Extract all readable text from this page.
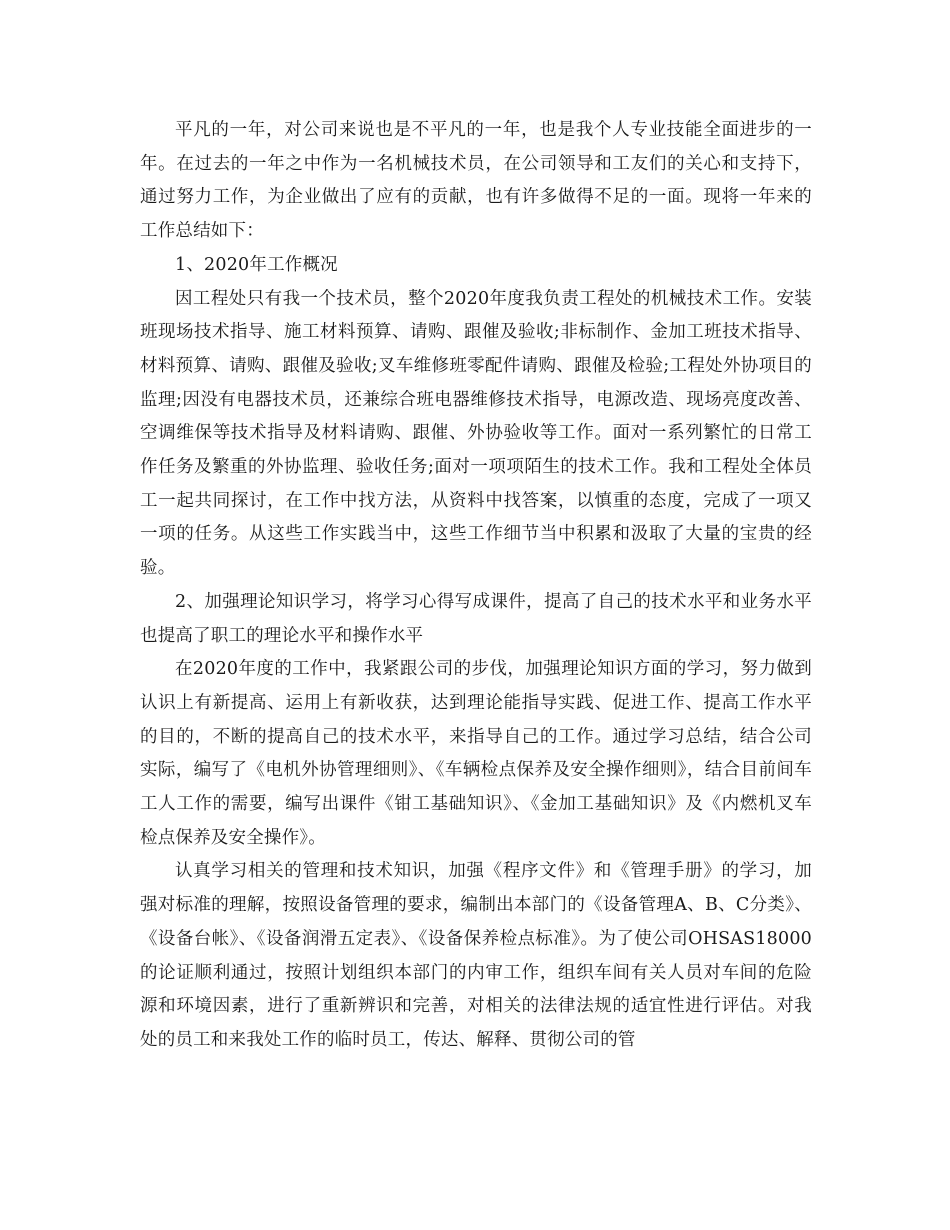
平凡的一年，对公司来说也是不平凡的一年，也是我个人专业技能全面进步的一年。在过去的一年之中作为一名机械技术员，在公司领导和工友们的关心和支持下，通过努力工作，为企业做出了应有的贡献，也有许多做得不足的一面。现将一年来的工作总结如下：

1、2020年工作概况

因工程处只有我一个技术员，整个2020年度我负责工程处的机械技术工作。安装班现场技术指导、施工材料预算、请购、跟催及验收;非标制作、金加工班技术指导、材料预算、请购、跟催及验收;叉车维修班零配件请购、跟催及检验;工程处外协项目的监理;因没有电器技术员，还兼综合班电器维修技术指导，电源改造、现场亮度改善、空调维保等技术指导及材料请购、跟催、外协验收等工作。面对一系列繁忙的日常工作任务及繁重的外协监理、验收任务;面对一项项陌生的技术工作。我和工程处全体员工一起共同探讨，在工作中找方法，从资料中找答案，以慎重的态度，完成了一项又一项的任务。从这些工作实践当中，这些工作细节当中积累和汲取了大量的宝贵的经验。

2、加强理论知识学习，将学习心得写成课件，提高了自己的技术水平和业务水平也提高了职工的理论水平和操作水平

在2020年度的工作中，我紧跟公司的步伐，加强理论知识方面的学习，努力做到认识上有新提高、运用上有新收获，达到理论能指导实践、促进工作、提高工作水平的目的，不断的提高自己的技术水平，来指导自己的工作。通过学习总结，结合公司实际，编写了《电机外协管理细则》、《车辆检点保养及安全操作细则》，结合目前间车工人工作的需要，编写出课件《钳工基础知识》、《金加工基础知识》及《内燃机叉车检点保养及安全操作》。

认真学习相关的管理和技术知识，加强《程序文件》和《管理手册》的学习，加强对标准的理解，按照设备管理的要求，编制出本部门的《设备管理A、B、C分类》、《设备台帐》、《设备润滑五定表》、《设备保养检点标准》。为了使公司OHSAS18000的论证顺利通过，按照计划组织本部门的内审工作，组织车间有关人员对车间的危险源和环境因素，进行了重新辨识和完善，对相关的法律法规的适宜性进行评估。对我处的员工和来我处工作的临时员工，传达、解释、贯彻公司的管
